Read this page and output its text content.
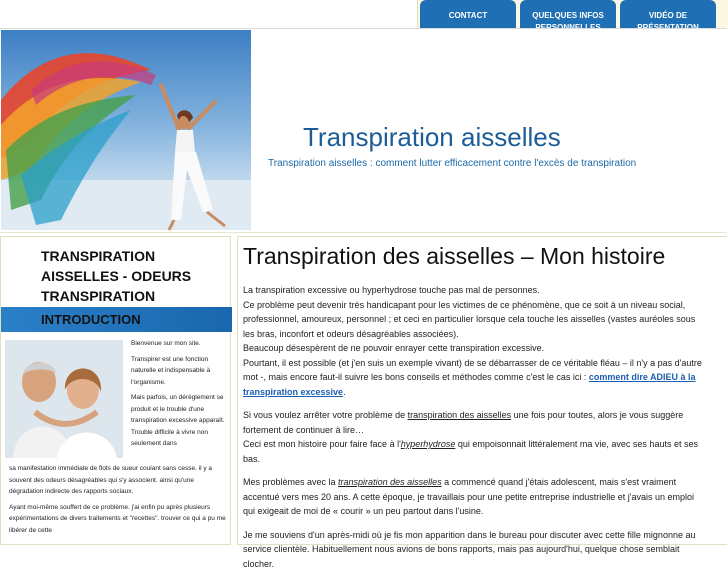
CONTACT	QUELQUES INFOS	VIDÉO DE
Transpiration aisselles
Transpiration aisselles : comment lutter efficacement contre l'excès de transpiration
TRANSPIRATION AISSELLES - ODEURS TRANSPIRATION
INTRODUCTION

Bienvenue sur mon site.

Transpirer est une fonction naturelle et indispensable à l'organisme.

Mais parfois, un dérèglement se produit et le trouble d'une transpiration excessive apparaît. Trouble difficile à vivre non seulement dans

sa manifestation immédiate de flots de sueur coulant sans cesse. il y a souvent des odeurs désagréables qui s'y associent. ainsi qu'une dégradation indirecte des rapports sociaux.

Ayant moi-même souffert de ce problème. j'ai enfin pu après plusieurs expérimentations de divers traitements et "recettes". trouver ce qui a pu me libérer de cette

Transpiration des aisselles – Mon histoire

La transpiration excessive ou hyperhydrose touche pas mal de personnes.
Ce problème peut devenir très handicapant pour les victimes de ce phénomène, que ce soit à un niveau social, professionnel, amoureux, personnel ; et ceci en particulier lorsque cela touche les aisselles (vastes auréoles sous les bras, inconfort et odeurs désagréables associées).
Beaucoup désespèrent de ne pouvoir enrayer cette transpiration excessive.
Pourtant, il est possible (et j'en suis un exemple vivant) de se débarrasser de ce véritable fléau – il n'y a pas d'autre mot -, mais encore faut-il suivre les bons conseils et méthodes comme c'est le cas ici : comment dire ADIEU à la transpiration excessive.

Si vous voulez arrêter votre problème de transpiration des aisselles une fois pour toutes, alors je vous suggère fortement de continuer à lire…
Ceci est mon histoire pour faire face à l'hyperhydrose qui empoisonnait littéralement ma vie, avec ses hauts et ses bas.

Mes problèmes avec la transpiration des aisselles a commencé quand j'étais adolescent, mais s'est vraiment accentué vers mes 20 ans. A cette époque, je travaillais pour une petite entreprise industrielle et j'avais un emploi qui exigeait de moi de « courir » un peu partout dans l'usine.

Je me souviens d'un après-midi où je fis mon apparition dans le bureau pour discuter avec cette fille mignonne au service clientèle. Habituellement nous avions de bons rapports, mais pas aujourd'hui, quelque chose semblait clocher.
